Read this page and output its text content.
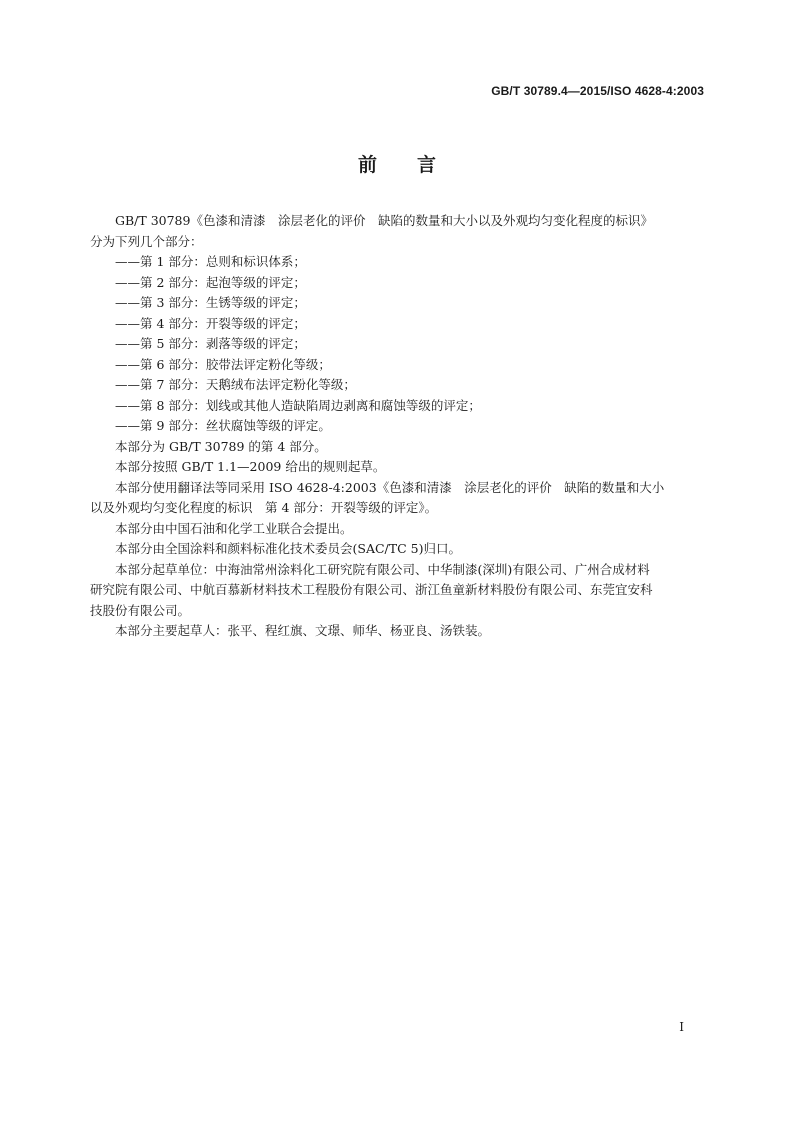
GB/T 30789.4—2015/ISO 4628-4:2003
前 言

GB/T 30789《色漆和清漆　涂层老化的评价　缺陷的数量和大小以及外观均匀变化程度的标识》

分为下列几个部分：

——第 1 部分：总则和标识体系；

——第 2 部分：起泡等级的评定；

——第 3 部分：生锈等级的评定；

——第 4 部分：开裂等级的评定；

——第 5 部分：剥落等级的评定；

——第 6 部分：胶带法评定粉化等级；

——第 7 部分：天鹅绒布法评定粉化等级；

——第 8 部分：划线或其他人造缺陷周边剥离和腐蚀等级的评定；

——第 9 部分：丝状腐蚀等级的评定。

本部分为 GB/T 30789 的第 4 部分。

本部分按照 GB/T 1.1—2009 给出的规则起草。

本部分使用翻译法等同采用 ISO 4628-4:2003《色漆和清漆　涂层老化的评价　缺陷的数量和大小

以及外观均匀变化程度的标识　第 4 部分：开裂等级的评定》。

本部分由中国石油和化学工业联合会提出。

本部分由全国涂料和颜料标准化技术委员会(SAC/TC 5)归口。

本部分起草单位：中海油常州涂料化工研究院有限公司、中华制漆(深圳)有限公司、广州合成材料

研究院有限公司、中航百慕新材料技术工程股份有限公司、浙江鱼童新材料股份有限公司、东莞宜安科

技股份有限公司。

本部分主要起草人：张平、程红旗、文璟、师华、杨亚良、汤铁装。

I
